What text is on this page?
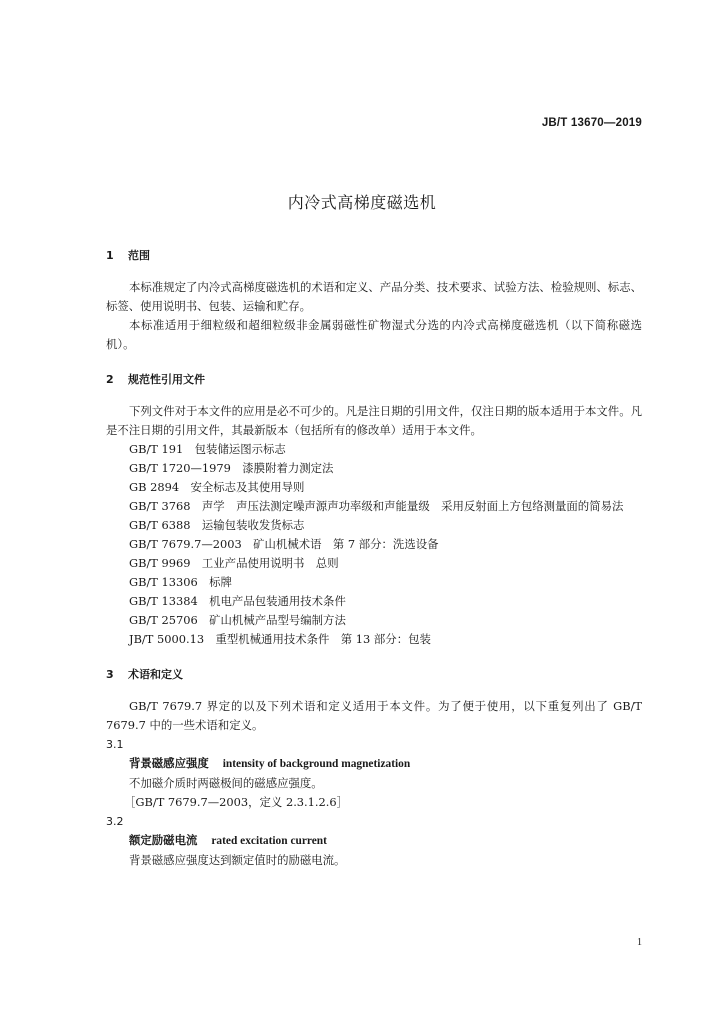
JB/T 13670—2019
内冷式高梯度磁选机

1 范围

本标准规定了内冷式高梯度磁选机的术语和定义、产品分类、技术要求、试验方法、检验规则、标志、标签、使用说明书、包装、运输和贮存。

本标准适用于细粒级和超细粒级非金属弱磁性矿物湿式分选的内冷式高梯度磁选机（以下简称磁选机）。

2 规范性引用文件

下列文件对于本文件的应用是必不可少的。凡是注日期的引用文件，仅注日期的版本适用于本文件。凡是不注日期的引用文件，其最新版本（包括所有的修改单）适用于本文件。

GB/T 191　包装储运图示标志

GB/T 1720—1979　漆膜附着力测定法

GB 2894　安全标志及其使用导则

GB/T 3768　声学　声压法测定噪声源声功率级和声能量级　采用反射面上方包络测量面的简易法

GB/T 6388　运输包装收发货标志

GB/T 7679.7—2003　矿山机械术语　第 7 部分：洗选设备

GB/T 9969　工业产品使用说明书　总则

GB/T 13306　标牌

GB/T 13384　机电产品包装通用技术条件

GB/T 25706　矿山机械产品型号编制方法

JB/T 5000.13　重型机械通用技术条件　第 13 部分：包装

3 术语和定义

GB/T 7679.7 界定的以及下列术语和定义适用于本文件。为了便于使用，以下重复列出了 GB/T 7679.7 中的一些术语和定义。

3.1

背景磁感应强度 intensity of background magnetization

不加磁介质时两磁极间的磁感应强度。

［GB/T 7679.7—2003，定义 2.3.1.2.6］

3.2

额定励磁电流 rated excitation current

背景磁感应强度达到额定值时的励磁电流。

1
